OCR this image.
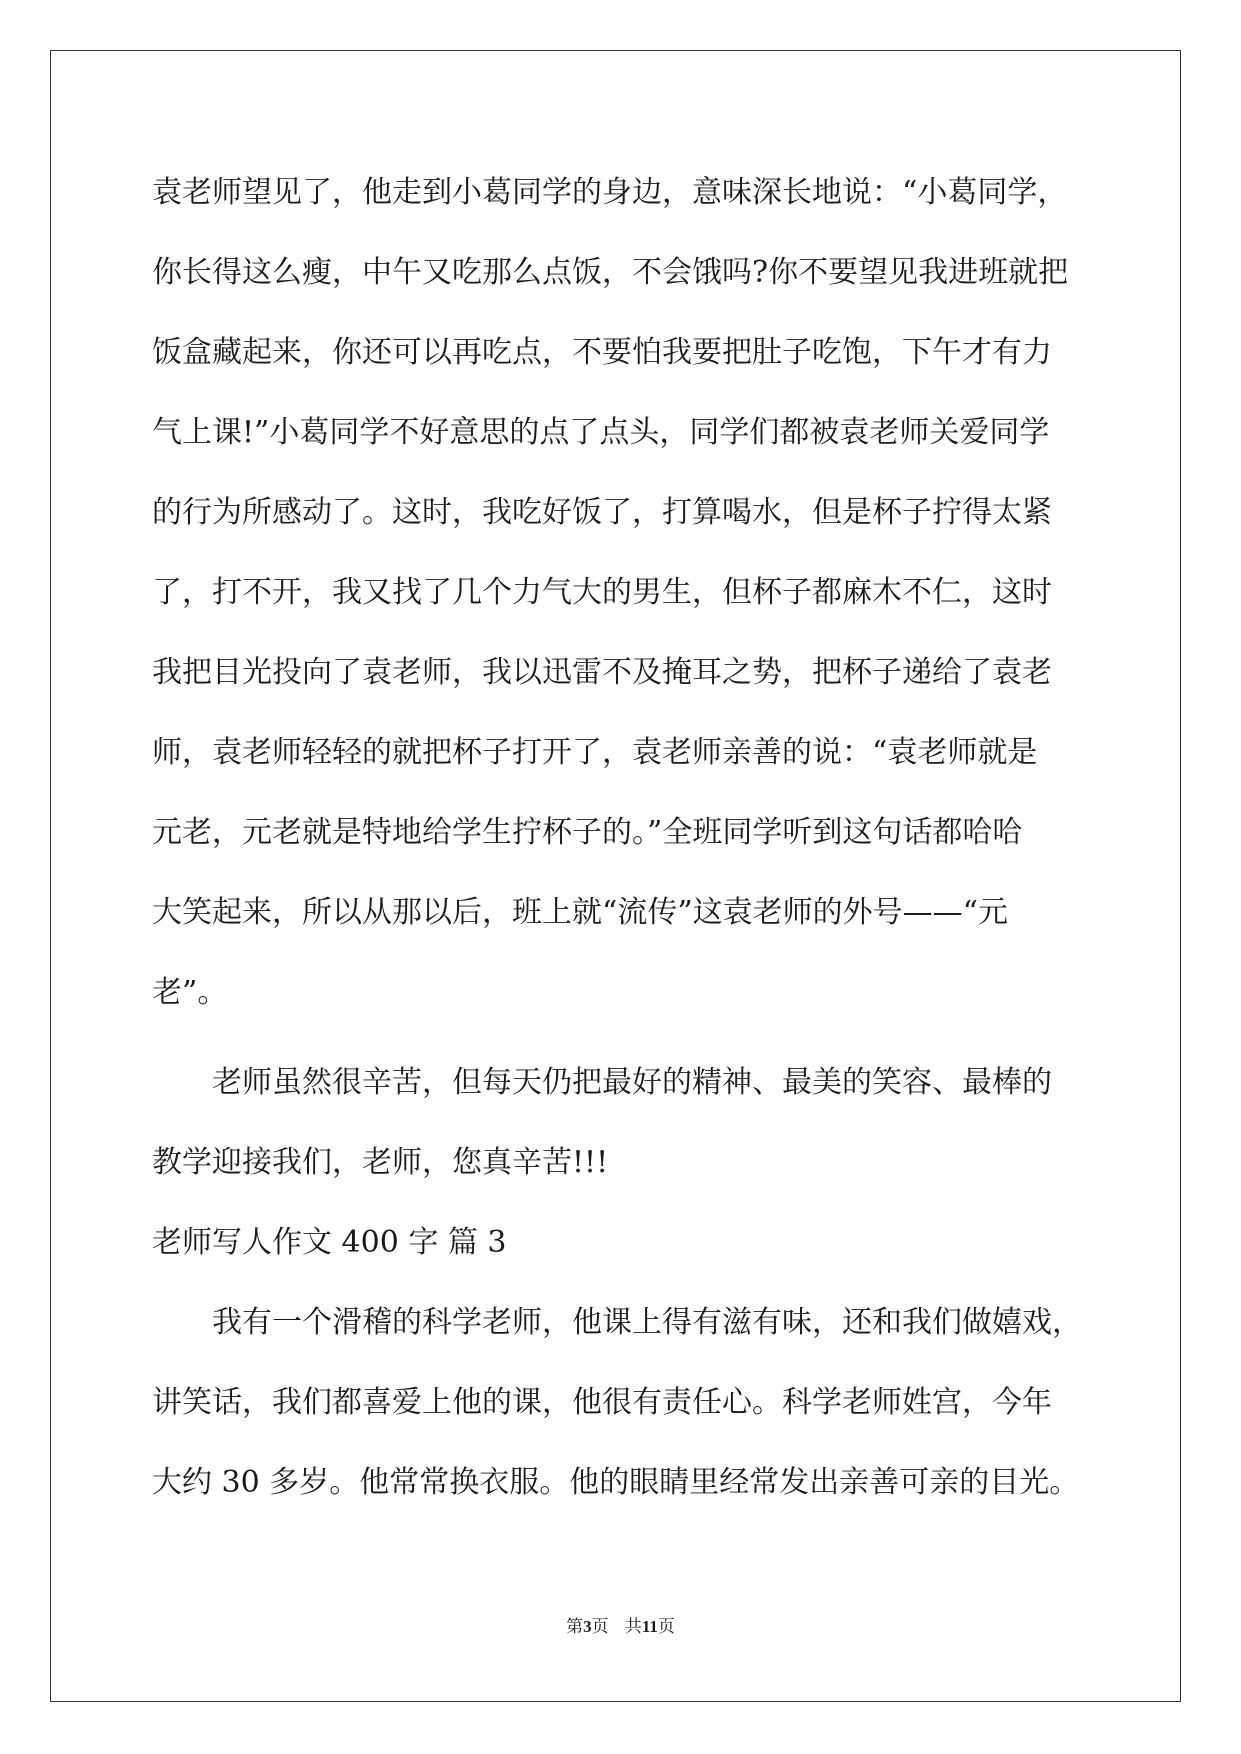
袁老师望见了，他走到小葛同学的身边，意味深长地说：“小葛同学，
你长得这么瘦，中午又吃那么点饭，不会饿吗?你不要望见我进班就把
饭盒藏起来，你还可以再吃点，不要怕我要把肚子吃饱，下午才有力
气上课!”小葛同学不好意思的点了点头，同学们都被袁老师关爱同学
的行为所感动了。这时，我吃好饭了，打算喝水，但是杯子拧得太紧
了，打不开，我又找了几个力气大的男生，但杯子都麻木不仁，这时
我把目光投向了袁老师，我以迅雷不及掩耳之势，把杯子递给了袁老
师，袁老师轻轻的就把杯子打开了，袁老师亲善的说：“袁老师就是
元老，元老就是特地给学生拧杯子的。”全班同学听到这句话都哈哈
大笑起来，所以从那以后，班上就“流传”这袁老师的外号——“元
老”。
　　老师虽然很辛苦，但每天仍把最好的精神、最美的笑容、最棒的
教学迎接我们，老师，您真辛苦!!!
老师写人作文 400 字 篇 3
　　我有一个滑稽的科学老师，他课上得有滋有味，还和我们做嬉戏，
讲笑话，我们都喜爱上他的课，他很有责任心。科学老师姓宫，今年
大约 30 多岁。他常常换衣服。他的眼睛里经常发出亲善可亲的目光。
第3页 共11页
